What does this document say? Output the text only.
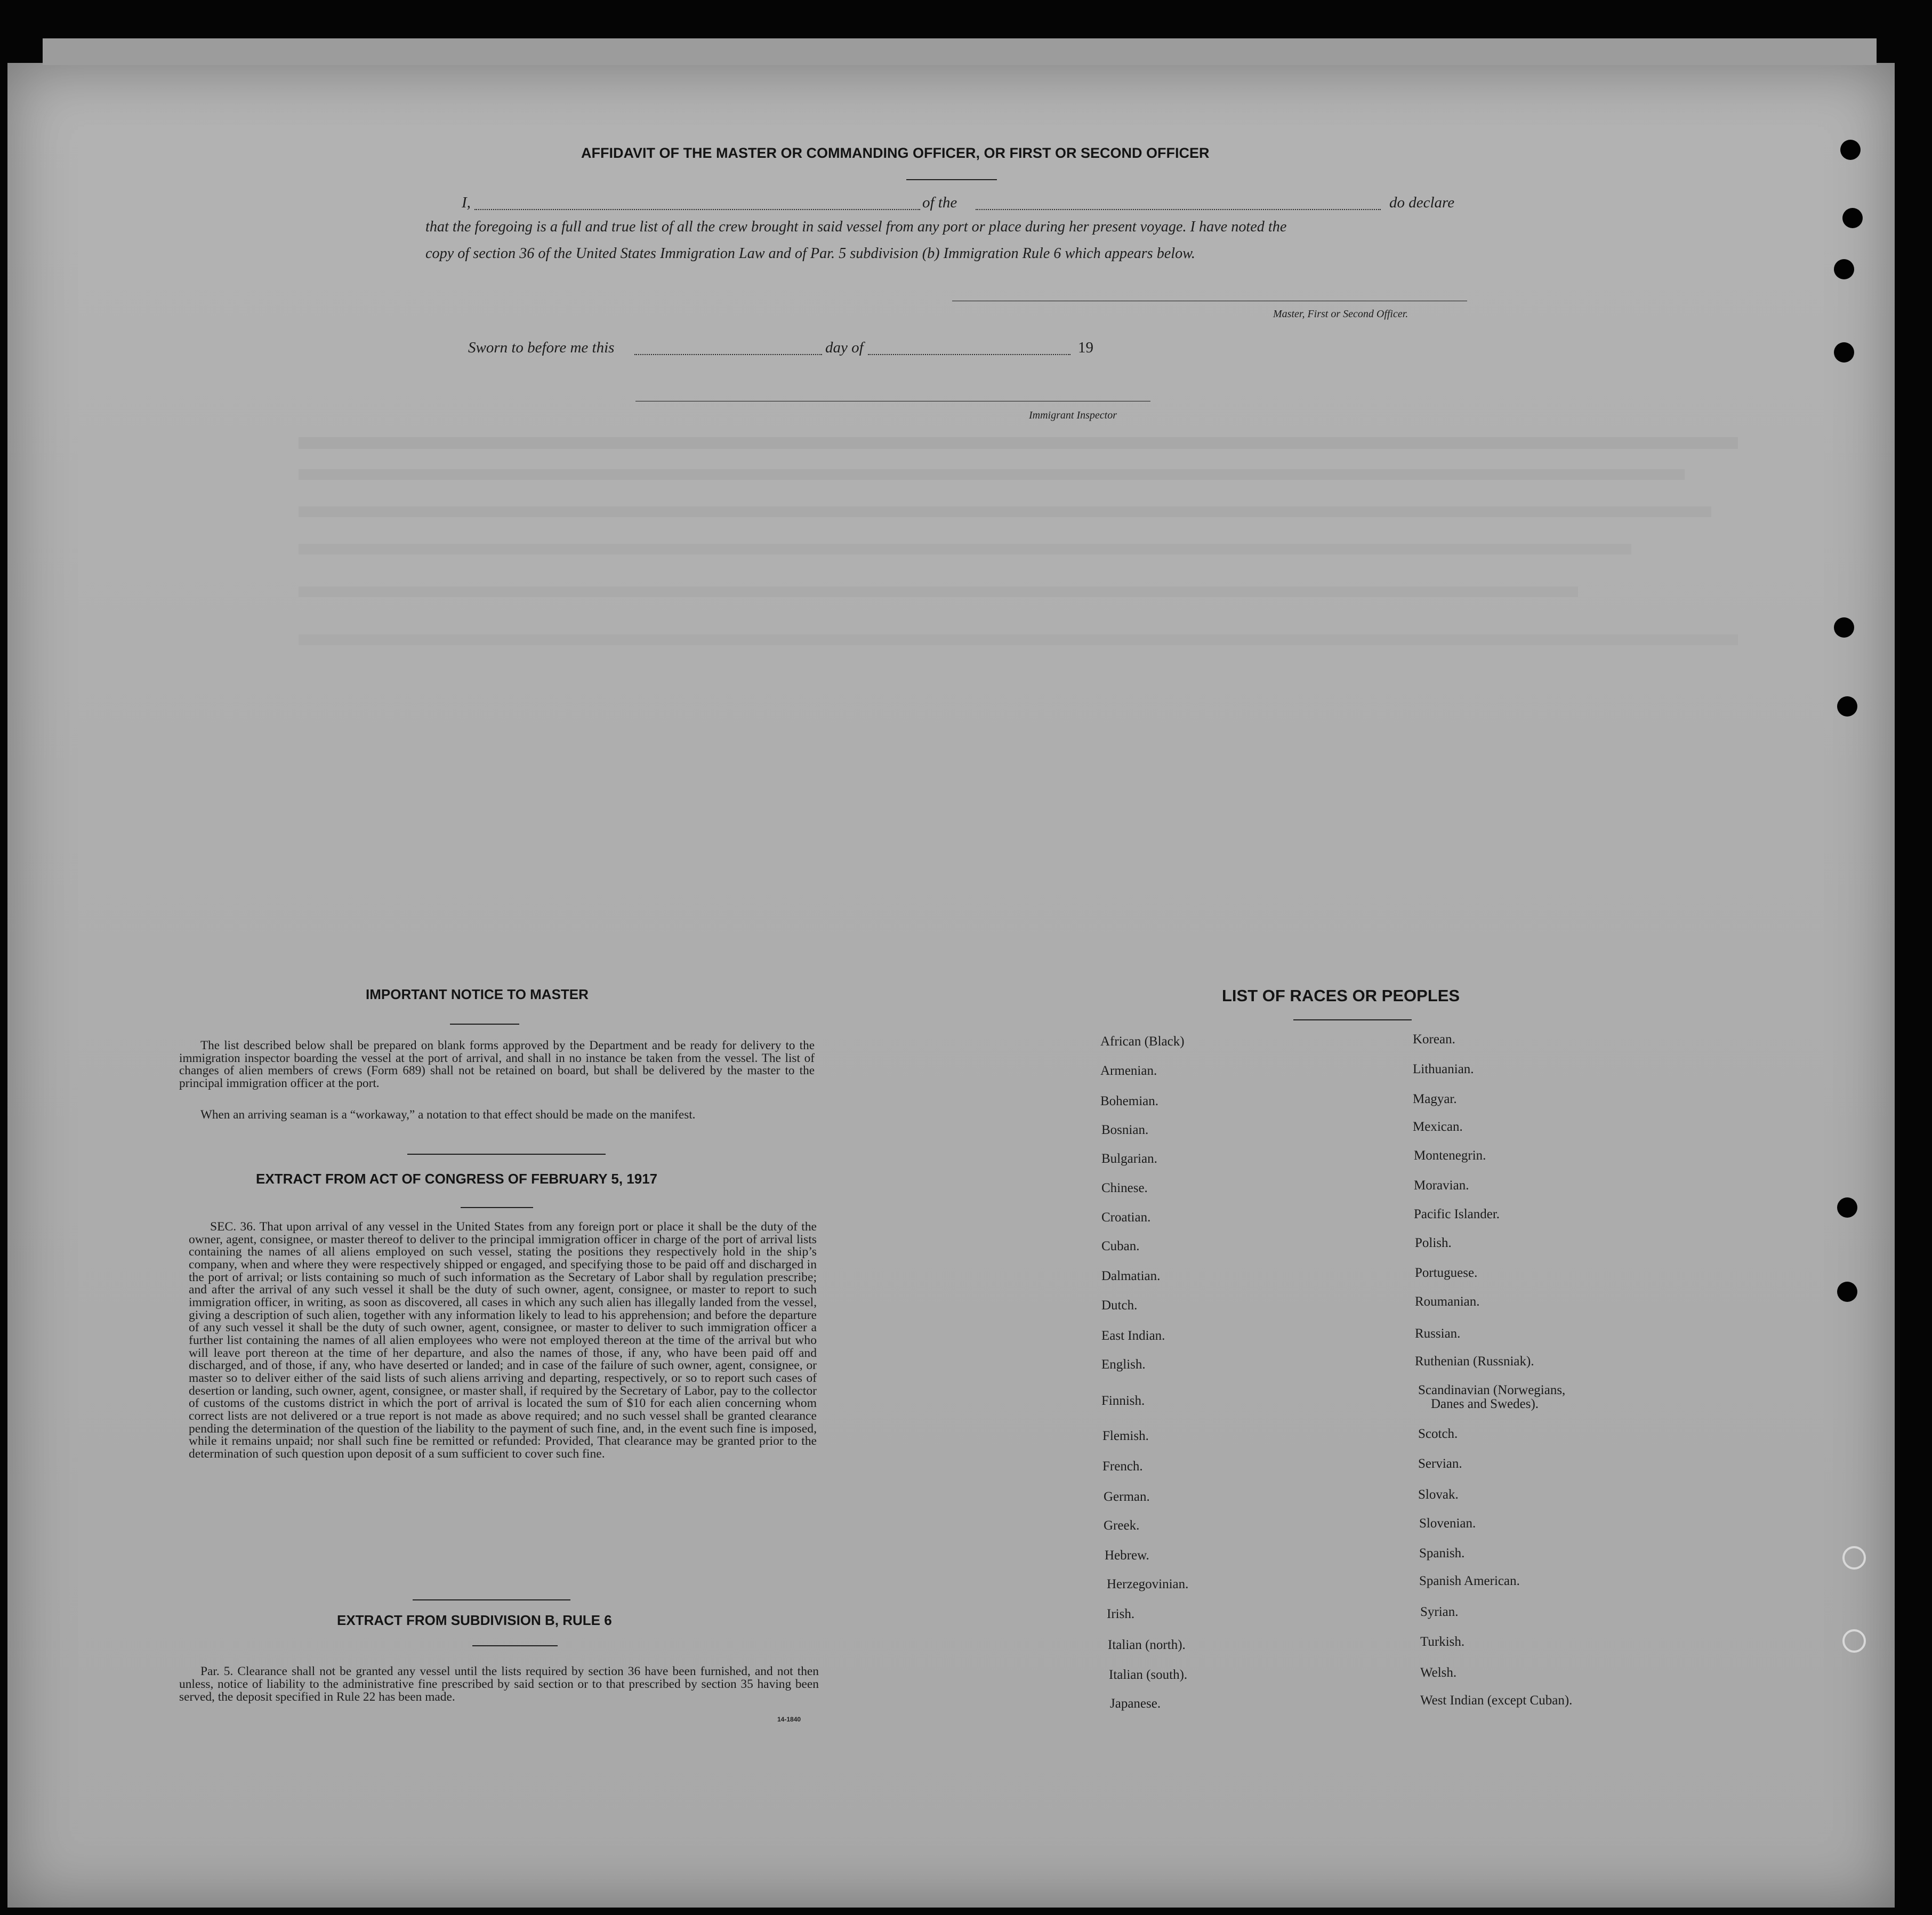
AFFIDAVIT OF THE MASTER OR COMMANDING OFFICER, OR FIRST OR SECOND OFFICER
I,	of the	do declare
that the foregoing is a full and true list of all the crew brought in said vessel from any port or place during her present voyage. I have noted the
copy of section 36 of the United States Immigration Law and of Par. 5 subdivision (b) Immigration Rule 6 which appears below.
Master, First or Second Officer.
Sworn to before me this	day of	19
Immigrant Inspector
IMPORTANT NOTICE TO MASTER
The list described below shall be prepared on blank forms approved by the Department and be ready for delivery to the immigration inspector boarding the vessel at the port of arrival, and shall in no instance be taken from the vessel. The list of changes of alien members of crews (Form 689) shall not be retained on board, but shall be delivered by the master to the principal immigration officer at the port.
When an arriving seaman is a “workaway,” a notation to that effect should be made on the manifest.
EXTRACT FROM ACT OF CONGRESS OF FEBRUARY 5, 1917
SEC. 36. That upon arrival of any vessel in the United States from any foreign port or place it shall be the duty of the owner, agent, consignee, or master thereof to deliver to the principal immigration officer in charge of the port of arrival lists containing the names of all aliens employed on such vessel, stating the positions they respectively hold in the ship’s company, when and where they were respectively shipped or engaged, and specifying those to be paid off and discharged in the port of arrival; or lists containing so much of such information as the Secretary of Labor shall by regulation prescribe; and after the arrival of any such vessel it shall be the duty of such owner, agent, consignee, or master to report to such immigration officer, in writing, as soon as discovered, all cases in which any such alien has illegally landed from the vessel, giving a description of such alien, together with any information likely to lead to his apprehension; and before the departure of any such vessel it shall be the duty of such owner, agent, consignee, or master to deliver to such immigration officer a further list containing the names of all alien employees who were not employed thereon at the time of the arrival but who will leave port thereon at the time of her departure, and also the names of those, if any, who have been paid off and discharged, and of those, if any, who have deserted or landed; and in case of the failure of such owner, agent, consignee, or master so to deliver either of the said lists of such aliens arriving and departing, respectively, or so to report such cases of desertion or landing, such owner, agent, consignee, or master shall, if required by the Secretary of Labor, pay to the collector of customs of the customs district in which the port of arrival is located the sum of $10 for each alien concerning whom correct lists are not delivered or a true report is not made as above required; and no such vessel shall be granted clearance pending the determination of the question of the liability to the payment of such fine, and, in the event such fine is imposed, while it remains unpaid; nor shall such fine be remitted or refunded: Provided, That clearance may be granted prior to the determination of such question upon deposit of a sum sufficient to cover such fine.
EXTRACT FROM SUBDIVISION B, RULE 6
Par. 5. Clearance shall not be granted any vessel until the lists required by section 36 have been furnished, and not then unless, notice of liability to the administrative fine prescribed by said section or to that prescribed by section 35 having been served, the deposit specified in Rule 22 has been made.
14-1840
LIST OF RACES OR PEOPLES
African (Black)
Armenian.
Bohemian.
Bosnian.
Bulgarian.
Chinese.
Croatian.
Cuban.
Dalmatian.
Dutch.
East Indian.
English.
Finnish.
Flemish.
French.
German.
Greek.
Hebrew.
Herzegovinian.
Irish.
Italian (north).
Italian (south).
Japanese.
Korean.
Lithuanian.
Magyar.
Mexican.
Montenegrin.
Moravian.
Pacific Islander.
Polish.
Portuguese.
Roumanian.
Russian.
Ruthenian (Russniak).
Scandinavian (Norwegians,
Danes and Swedes).
Scotch.
Servian.
Slovak.
Slovenian.
Spanish.
Spanish American.
Syrian.
Turkish.
Welsh.
West Indian (except Cuban).
